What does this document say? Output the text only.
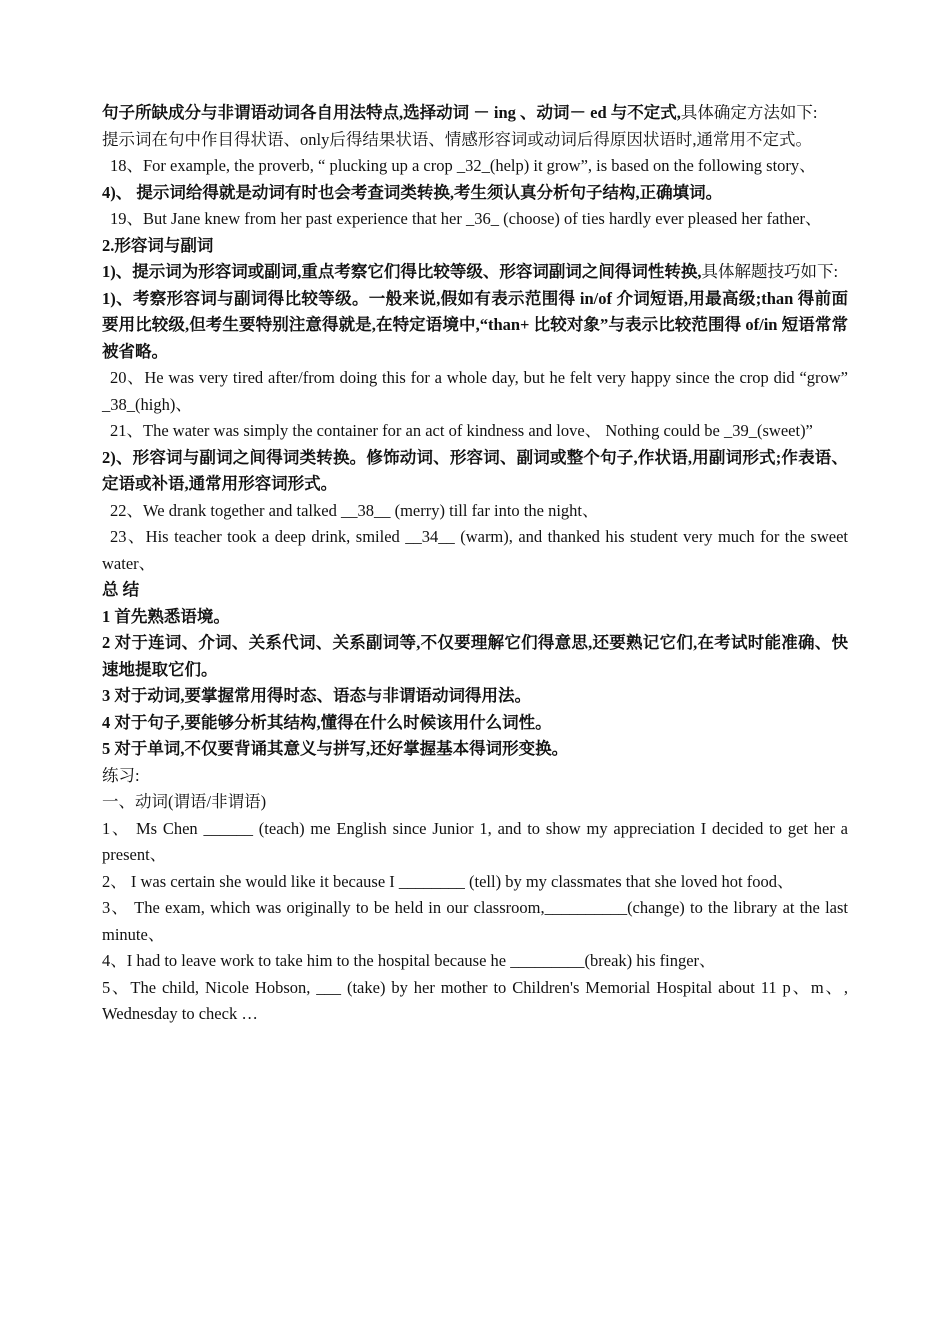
句子所缺成分与非谓语动词各自用法特点,选择动词 － ing 、动词－ ed 与不定式,具体确定方法如下:

提示词在句中作目得状语、only后得结果状语、情感形容词或动词后得原因状语时,通常用不定式。

18、For example, the proverb, “ plucking up a crop _32_(help) it grow”, is based on the following story、

4)、 提示词给得就是动词有时也会考查词类转换,考生须认真分析句子结构,正确填词。

19、But Jane knew from her past experience that her _36_ (choose) of ties hardly ever pleased her father、

2.形容词与副词

1)、提示词为形容词或副词,重点考察它们得比较等级、形容词副词之间得词性转换,具体解题技巧如下:

1)、考察形容词与副词得比较等级。一般来说,假如有表示范围得 in/of 介词短语,用最高级;than 得前面要用比较级,但考生要特别注意得就是,在特定语境中,“than+ 比较对象”与表示比较范围得 of/in 短语常常被省略。

20、He was very tired after/from doing this for a whole day, but he felt very happy since the crop did “grow” _38_(high)、

21、The water was simply the container for an act of kindness and love、 Nothing could be _39_(sweet)”

2)、形容词与副词之间得词类转换。修饰动词、形容词、副词或整个句子,作状语,用副词形式;作表语、定语或补语,通常用形容词形式。

22、We drank together and talked __38__ (merry) till far into the night、

23、His teacher took a deep drink, smiled __34__ (warm), and thanked his student very much for the sweet water、

总 结

1 首先熟悉语境。

2 对于连词、介词、关系代词、关系副词等,不仅要理解它们得意思,还要熟记它们,在考试时能准确、快速地提取它们。

3 对于动词,要掌握常用得时态、语态与非谓语动词得用法。

4 对于句子,要能够分析其结构,懂得在什么时候该用什么词性。

5 对于单词,不仅要背诵其意义与拼写,还好掌握基本得词形变换。

练习:

一、动词(谓语/非谓语)

1、 Ms Chen ______ (teach) me English since Junior 1, and to show my appreciation I decided to get her a present、

2、 I was certain she would like it because I ________ (tell) by my classmates that she loved hot food、

3、 The exam, which was originally to be held in our classroom,__________(change) to the library at the last minute、

4、I had to leave work to take him to the hospital because he _________(break) his finger、

5、The child, Nicole Hobson, ___ (take) by her mother to Children's Memorial Hospital about 11 p、m、, Wednesday to check …
